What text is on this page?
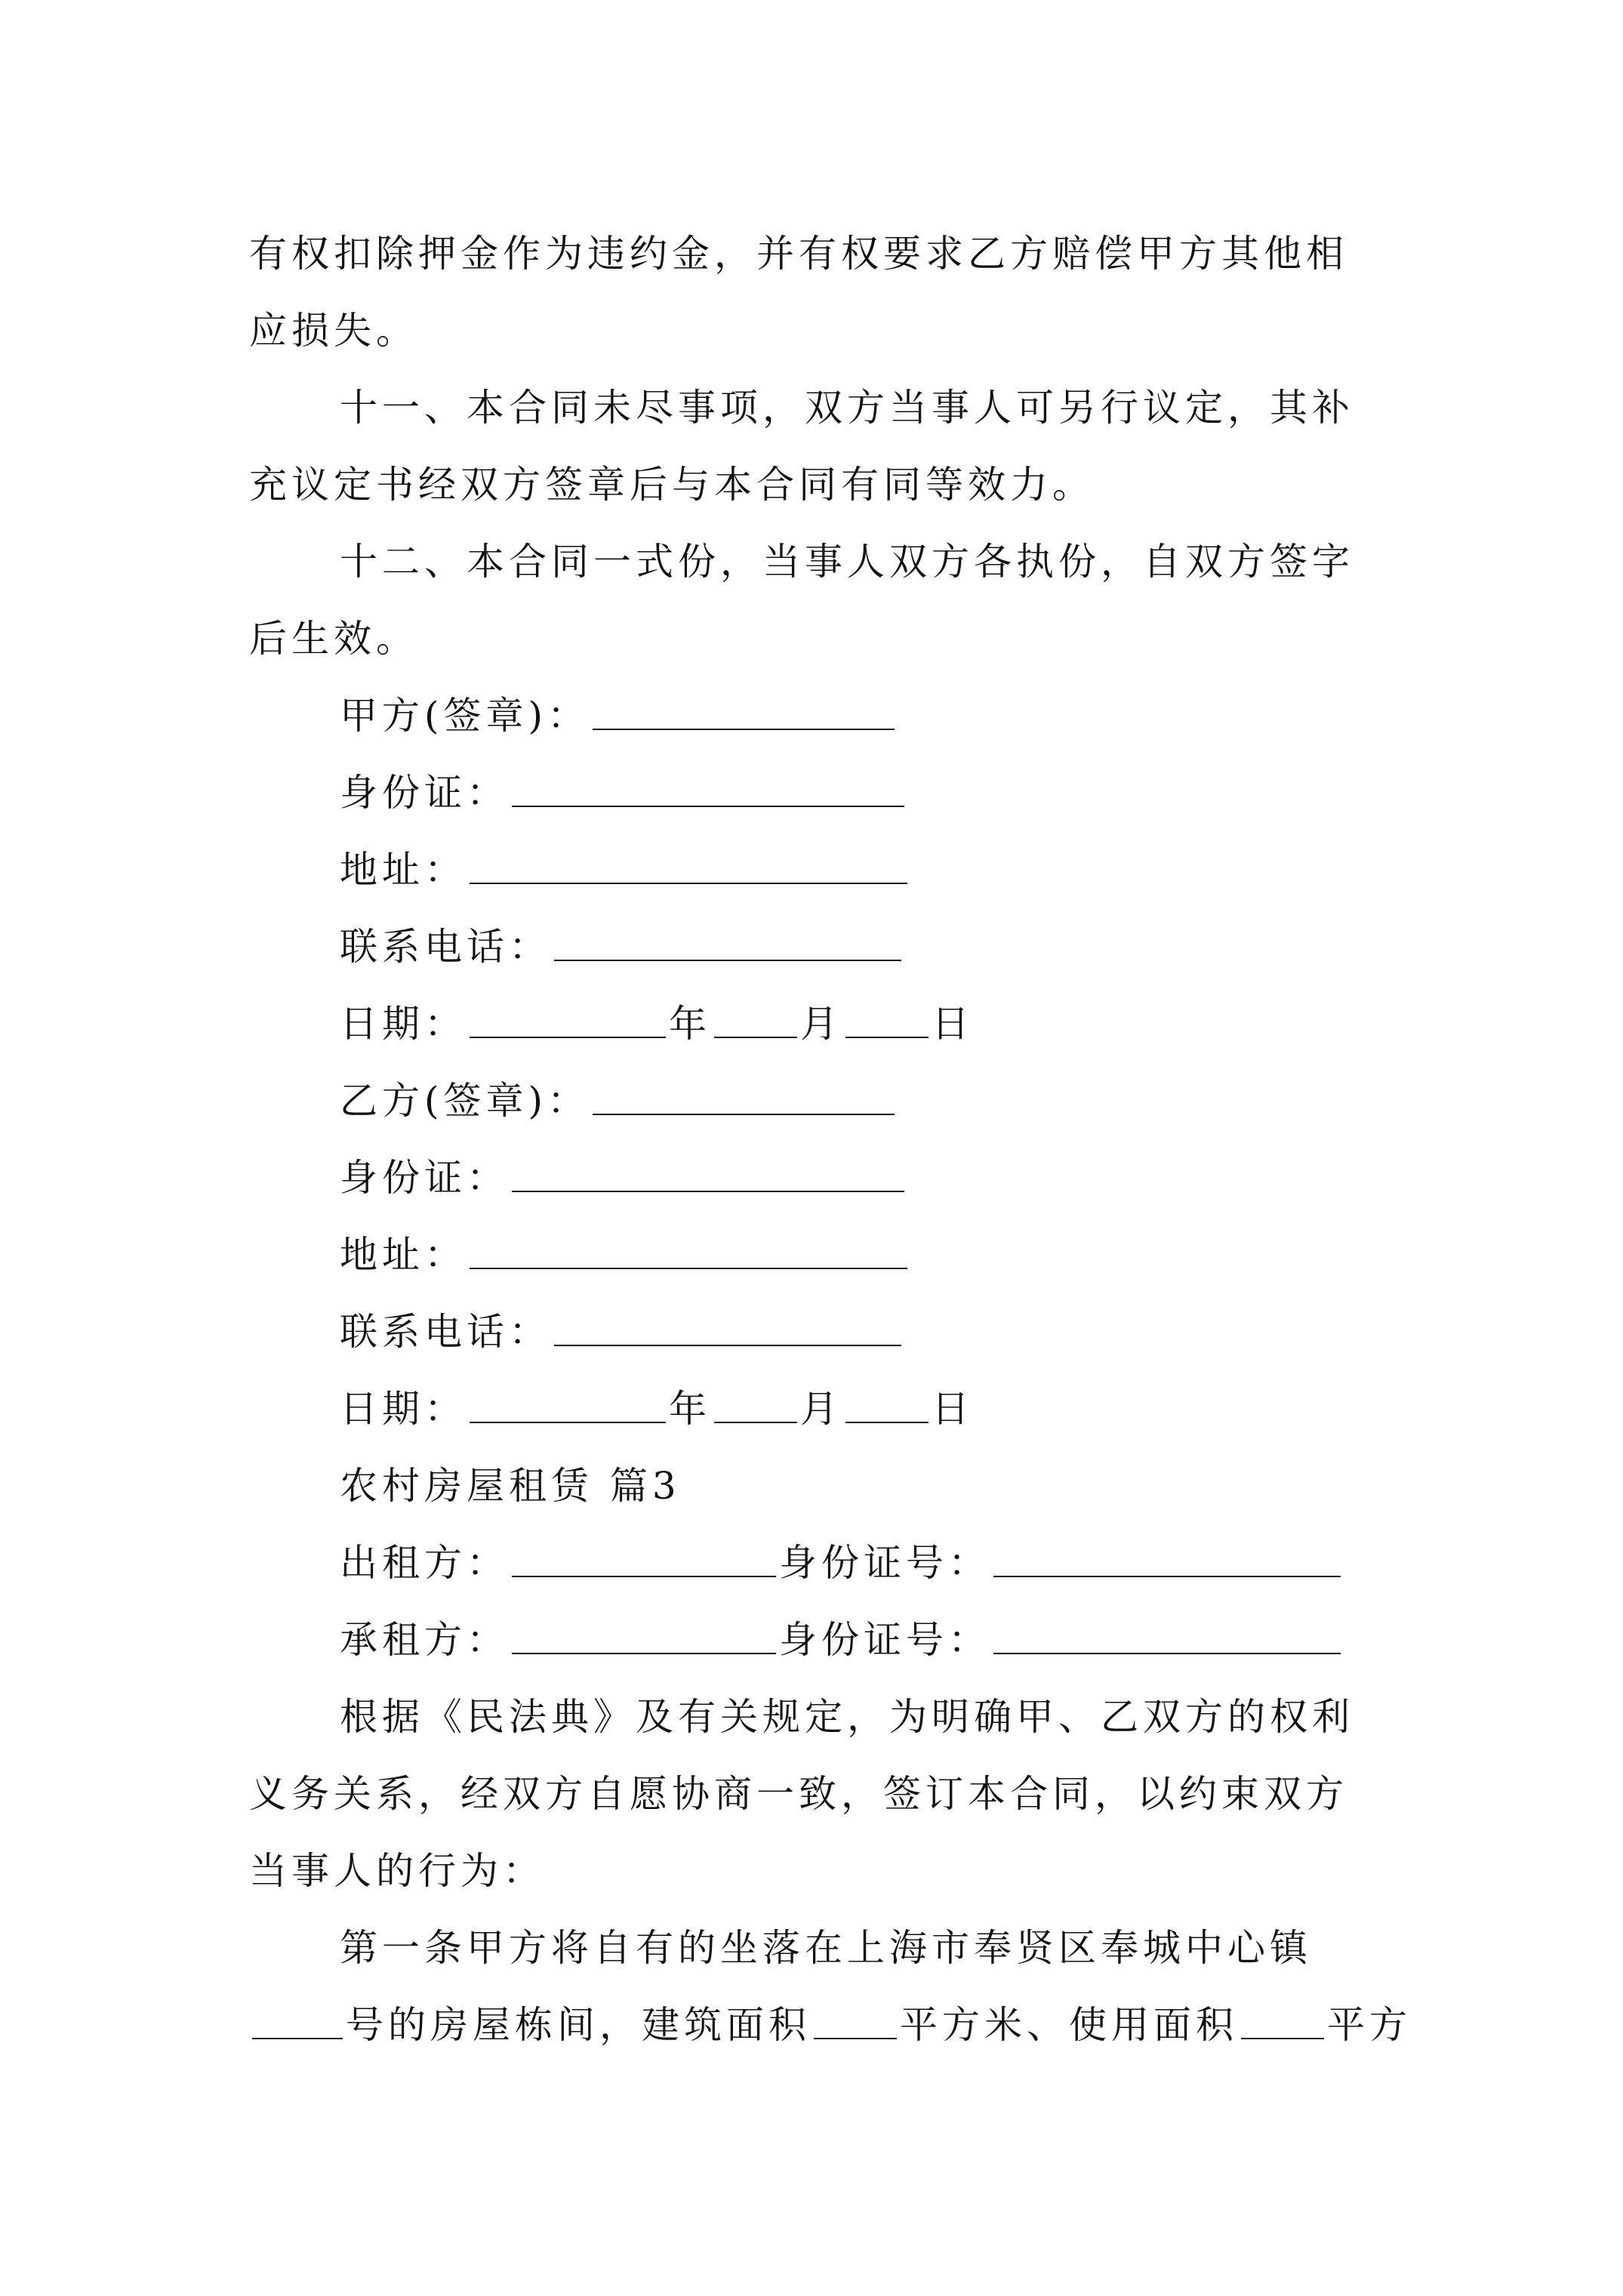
有权扣除押金作为违约金，并有权要求乙方赔偿甲方其他相
应损失。
十一、本合同未尽事项，双方当事人可另行议定，其补
充议定书经双方签章后与本合同有同等效力。
十二、本合同一式份，当事人双方各执份，自双方签字
后生效。
甲方(签章)：
身份证：
地址：
联系电话：
日期：	年 月 日
乙方(签章)：
身份证：
地址：
联系电话：
日期：	年 月 日
农村房屋租赁 篇3
出租方：	身份证号：
承租方：	身份证号：
根据《民法典》及有关规定，为明确甲、乙双方的权利
义务关系，经双方自愿协商一致，签订本合同，以约束双方
当事人的行为：
第一条甲方将自有的坐落在上海市奉贤区奉城中心镇
号的房屋栋间，建筑面积 平方米、使用面积 平方
